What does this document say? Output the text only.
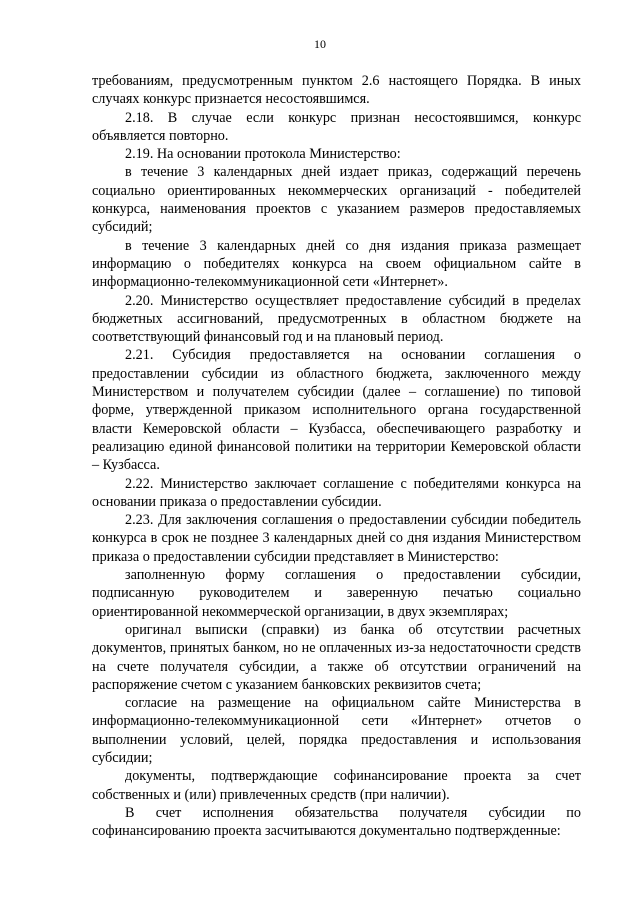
10

требованиям, предусмотренным пунктом 2.6 настоящего Порядка. В иных случаях конкурс признается несостоявшимся.

2.18. В случае если конкурс признан несостоявшимся, конкурс объявляется повторно.

2.19. На основании протокола Министерство:

в течение 3 календарных дней издает приказ, содержащий перечень социально ориентированных некоммерческих организаций - победителей конкурса, наименования проектов с указанием размеров предоставляемых субсидий;

в течение 3 календарных дней со дня издания приказа размещает информацию о победителях конкурса на своем официальном сайте в информационно-телекоммуникационной сети «Интернет».

2.20. Министерство осуществляет предоставление субсидий в пределах бюджетных ассигнований, предусмотренных в областном бюджете на соответствующий финансовый год и на плановый период.

2.21. Субсидия предоставляется на основании соглашения о предоставлении субсидии из областного бюджета, заключенного между Министерством и получателем субсидии (далее – соглашение) по типовой форме, утвержденной приказом исполнительного органа государственной власти Кемеровской области – Кузбасса, обеспечивающего разработку и реализацию единой финансовой политики на территории Кемеровской области – Кузбасса.

2.22. Министерство заключает соглашение с победителями конкурса на основании приказа о предоставлении субсидии.

2.23. Для заключения соглашения о предоставлении субсидии победитель конкурса в срок не позднее 3 календарных дней со дня издания Министерством приказа о предоставлении субсидии представляет в Министерство:

заполненную форму соглашения о предоставлении субсидии, подписанную руководителем и заверенную печатью социально ориентированной некоммерческой организации, в двух экземплярах;

оригинал выписки (справки) из банка об отсутствии расчетных документов, принятых банком, но не оплаченных из-за недостаточности средств на счете получателя субсидии, а также об отсутствии ограничений на распоряжение счетом с указанием банковских реквизитов счета;

согласие на размещение на официальном сайте Министерства в информационно-телекоммуникационной сети «Интернет» отчетов о выполнении условий, целей, порядка предоставления и использования субсидии;

документы, подтверждающие софинансирование проекта за счет собственных и (или) привлеченных средств (при наличии).

В счет исполнения обязательства получателя субсидии по софинансированию проекта засчитываются документально подтвержденные:
